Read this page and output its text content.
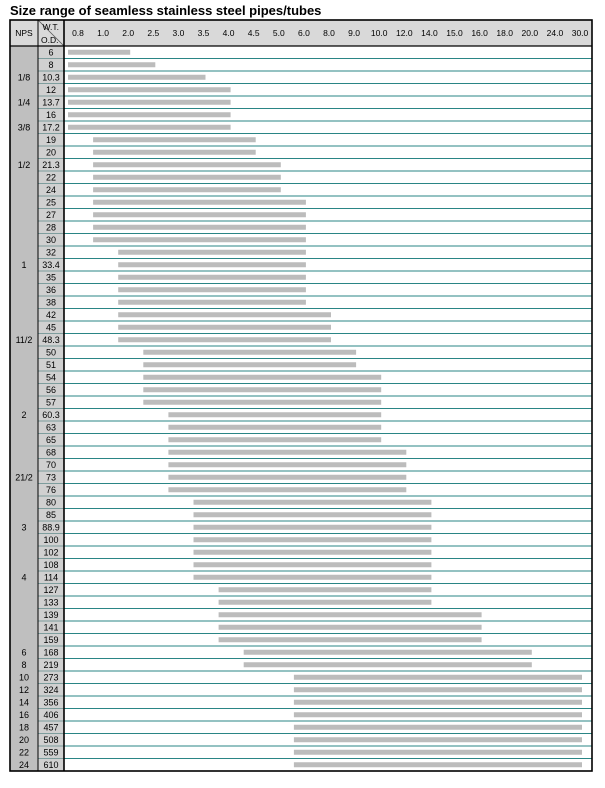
Size range of seamless stainless steel pipes/tubes
NPS
W.T.
O.D.
0.8 1.0 2.0 2.5 3.0 3.5 4.0 4.5 5.0 6.0 8.0 9.0 10.0 12.0 14.0 15.0 16.0 18.0 20.0 24.0 30.0
6
8
10.3
1/8
12
13.7
1/4
16
17.2
3/8
19
20
21.3
1/2
22
24
25
27
28
30
32
33.4
1
35
36
38
42
45
48.3
11/2
50
51
54
56
57
60.3
2
63
65
68
70
73
21/2
76
80
85
88.9
3
100
102
108
114
4
127
133
139
141
159
168
6
219
8
273
10
324
12
356
14
406
16
457
18
508
20
559
22
610
24
